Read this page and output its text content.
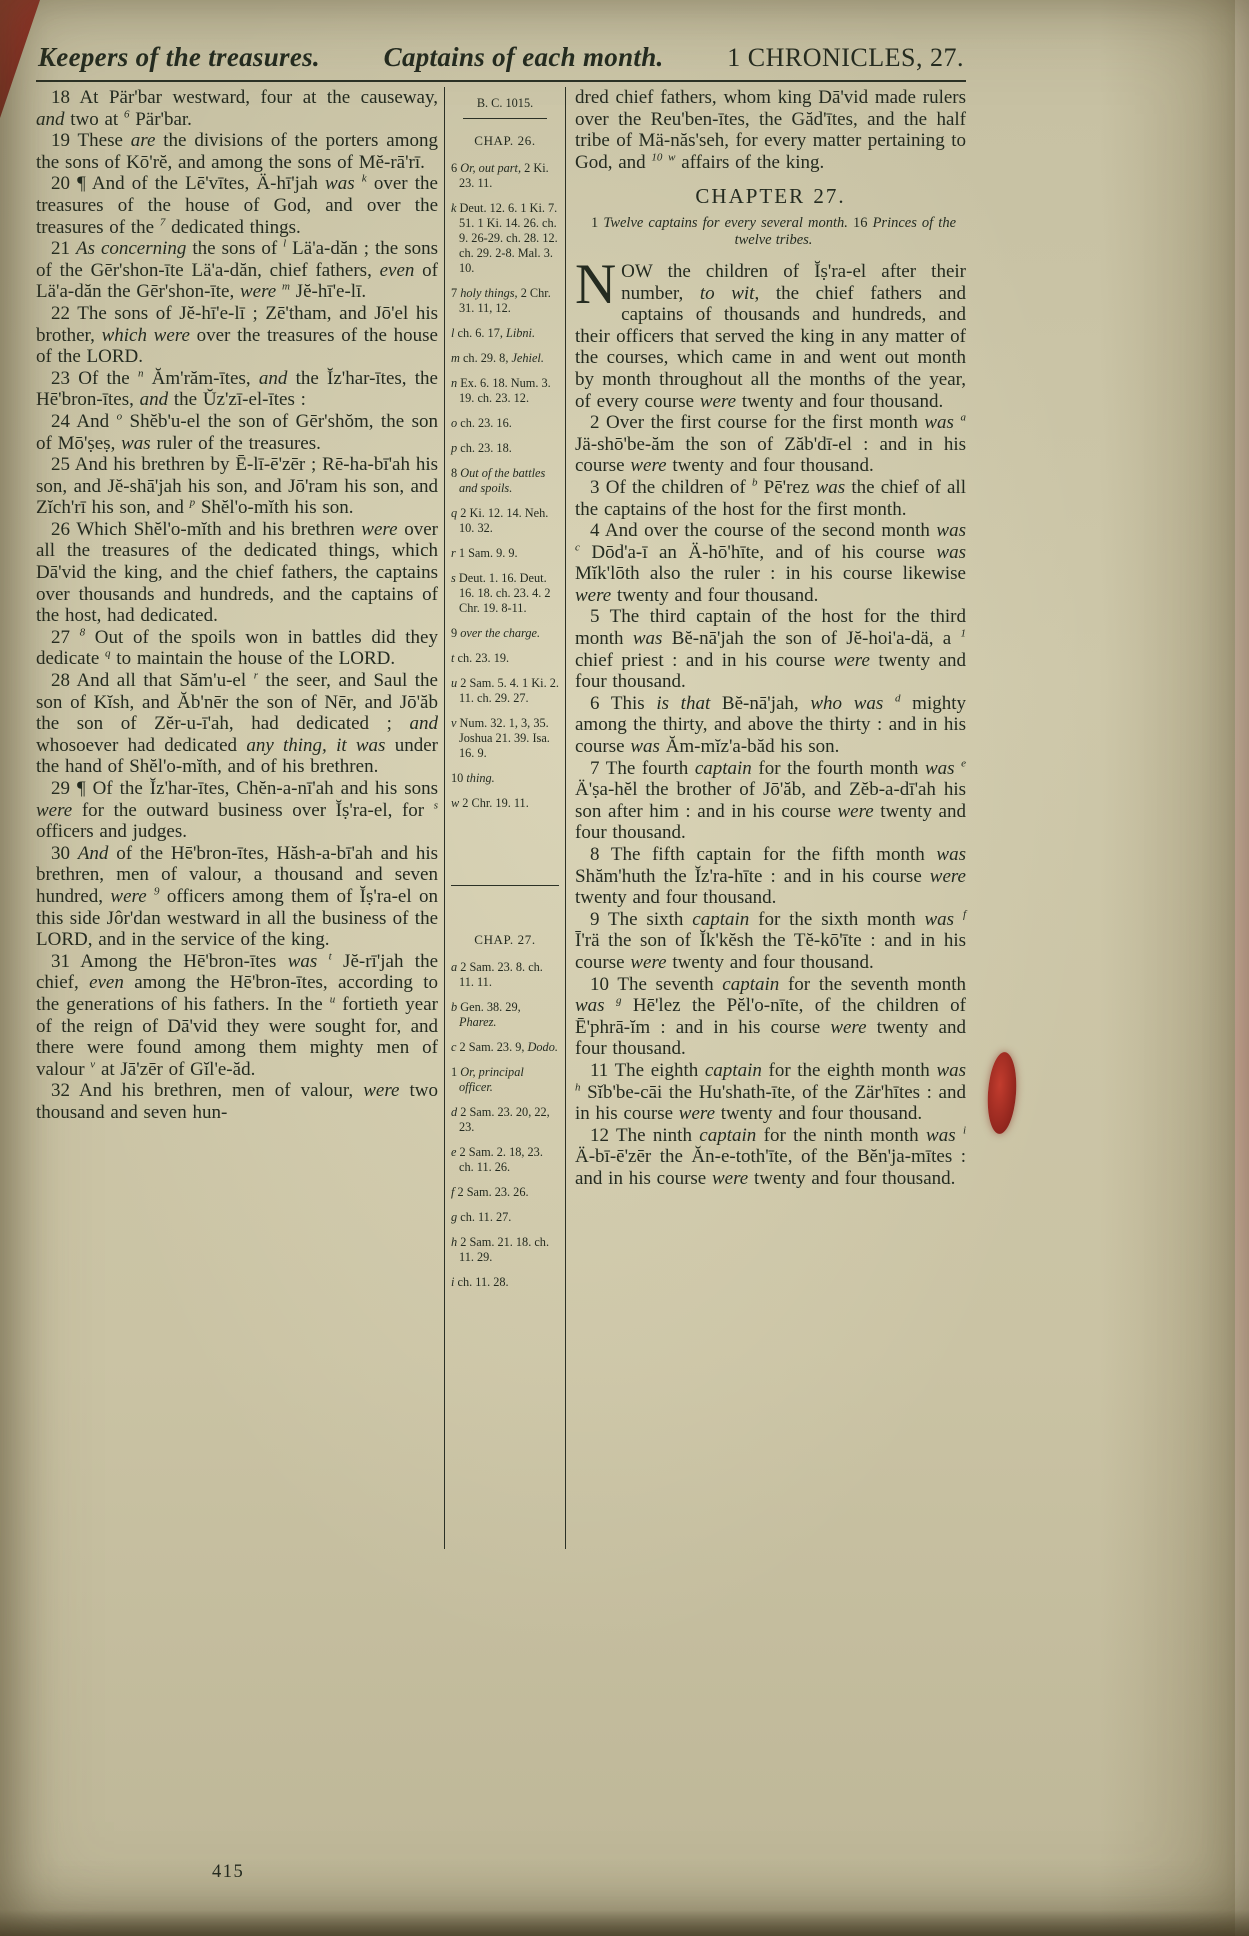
Keepers of the treasures. Captains of each month. 1 CHRONICLES, 27.

18 At Pär'bar westward, four at the causeway, and two at $^6$ Pär'bar.

19 These are the divisions of the porters among the sons of Kō'rĕ, and among the sons of Mĕ-rā'rī.

20 ¶ And of the Lē'vītes, Ä-hī'jah was $^k$ over the treasures of the house of God, and over the treasures of the $^7$ dedicated things.

21 As concerning the sons of $^l$ Lä'a-dăn ; the sons of the Gēr'shon-īte Lä'a-dăn, chief fathers, even of Lä'a-dăn the Gēr'shon-īte, were $^m$ Jĕ-hī'e-lī.

22 The sons of Jĕ-hī'e-lī ; Zē'tham, and Jō'el his brother, which were over the treasures of the house of the LORD.

23 Of the $^n$ Ăm'răm-ītes, and the Ĭz'har-ītes, the Hē'bron-ītes, and the Ŭz'zī-el-ītes :

24 And $^o$ Shĕb'u-el the son of Gēr'shŏm, the son of Mō'ṣeṣ, was ruler of the treasures.

25 And his brethren by Ē-lī-ē'zēr ; Rē-ha-bī'ah his son, and Jĕ-shā'jah his son, and Jō'ram his son, and Zĭch'rī his son, and $^p$ Shĕl'o-mĭth his son.

26 Which Shĕl'o-mĭth and his brethren were over all the treasures of the dedicated things, which Dā'vid the king, and the chief fathers, the captains over thousands and hundreds, and the captains of the host, had dedicated.

27 $^8$ Out of the spoils won in battles did they dedicate $^q$ to maintain the house of the LORD.

28 And all that Săm'u-el $^r$ the seer, and Saul the son of Kĭsh, and Ăb'nēr the son of Nēr, and Jō'ăb the son of Zĕr-u-ī'ah, had dedicated ; and whosoever had dedicated any thing, it was under the hand of Shĕl'o-mĭth, and of his brethren.

29 ¶ Of the Ĭz'har-ītes, Chĕn-a-nī'ah and his sons were for the outward business over Ĭṣ'ra-el, for $^s$ officers and judges.

30 And of the Hē'bron-ītes, Hăsh-a-bī'ah and his brethren, men of valour, a thousand and seven hundred, were $^9$ officers among them of Ĭṣ'ra-el on this side Jôr'dan westward in all the business of the LORD, and in the service of the king.

31 Among the Hē'bron-ītes was $^t$ Jĕ-rī'jah the chief, even among the Hē'bron-ītes, according to the generations of his fathers. In the $^u$ fortieth year of the reign of Dā'vid they were sought for, and there were found among them mighty men of valour $^v$ at Jā'zēr of Gĭl'e-ăd.

32 And his brethren, men of valour, were two thousand and seven hun-

B. C. 1015.
CHAP. 26.

6 Or, out part, 2 Ki. 23. 11.

k Deut. 12. 6. 1 Ki. 7. 51. 1 Ki. 14. 26. ch. 9. 26-29. ch. 28. 12. ch. 29. 2-8. Mal. 3. 10.

7 holy things, 2 Chr. 31. 11, 12.

l ch. 6. 17, Libni.

m ch. 29. 8, Jehiel.

n Ex. 6. 18. Num. 3. 19. ch. 23. 12.

o ch. 23. 16.

p ch. 23. 18.

8 Out of the battles and spoils.

q 2 Ki. 12. 14. Neh. 10. 32.

r 1 Sam. 9. 9.

s Deut. 1. 16. Deut. 16. 18. ch. 23. 4. 2 Chr. 19. 8-11.

9 over the charge.

t ch. 23. 19.

u 2 Sam. 5. 4. 1 Ki. 2. 11. ch. 29. 27.

v Num. 32. 1, 3, 35. Joshua 21. 39. Isa. 16. 9.

10 thing.

w 2 Chr. 19. 11.

CHAP. 27.

a 2 Sam. 23. 8. ch. 11. 11.

b Gen. 38. 29, Pharez.

c 2 Sam. 23. 9, Dodo.

1 Or, principal officer.

d 2 Sam. 23. 20, 22, 23.

e 2 Sam. 2. 18, 23. ch. 11. 26.

f 2 Sam. 23. 26.

g ch. 11. 27.

h 2 Sam. 21. 18. ch. 11. 29.

i ch. 11. 28.

dred chief fathers, whom king Dā'vid made rulers over the Reu'ben-ītes, the Găd'ītes, and the half tribe of Mä-năs'seh, for every matter pertaining to God, and $^{10}$ $^w$ affairs of the king.

CHAPTER 27.
1 Twelve captains for every several month. 16 Princes of the twelve tribes.

NOW the children of Ĭṣ'ra-el after their number, to wit, the chief fathers and captains of thousands and hundreds, and their officers that served the king in any matter of the courses, which came in and went out month by month throughout all the months of the year, of every course were twenty and four thousand.

2 Over the first course for the first month was $^a$ Jä-shō'be-ăm the son of Zăb'dī-el : and in his course were twenty and four thousand.

3 Of the children of $^b$ Pē'rez was the chief of all the captains of the host for the first month.

4 And over the course of the second month was $^c$ Dōd'a-ī an Ä-hō'hīte, and of his course was Mĭk'lōth also the ruler : in his course likewise were twenty and four thousand.

5 The third captain of the host for the third month was Bĕ-nā'jah the son of Jĕ-hoi'a-dä, a $^1$ chief priest : and in his course were twenty and four thousand.

6 This is that Bĕ-nā'jah, who was $^d$ mighty among the thirty, and above the thirty : and in his course was Ăm-mĭz'a-băd his son.

7 The fourth captain for the fourth month was $^e$ Ä'ṣa-hĕl the brother of Jō'ăb, and Zĕb-a-dī'ah his son after him : and in his course were twenty and four thousand.

8 The fifth captain for the fifth month was Shăm'huth the Ĭz'ra-hīte : and in his course were twenty and four thousand.

9 The sixth captain for the sixth month was $^f$ Ī'rä the son of Ĭk'kĕsh the Tĕ-kō'īte : and in his course were twenty and four thousand.

10 The seventh captain for the seventh month was $^g$ Hē'lez the Pĕl'o-nīte, of the children of Ē'phrā-ĭm : and in his course were twenty and four thousand.

11 The eighth captain for the eighth month was $^h$ Sĭb'be-cāi the Hu'shath-īte, of the Zär'hītes : and in his course were twenty and four thousand.

12 The ninth captain for the ninth month was $^i$ Ä-bī-ē'zēr the Ăn-e-toth'īte, of the Bĕn'ja-mītes : and in his course were twenty and four thousand.

415
